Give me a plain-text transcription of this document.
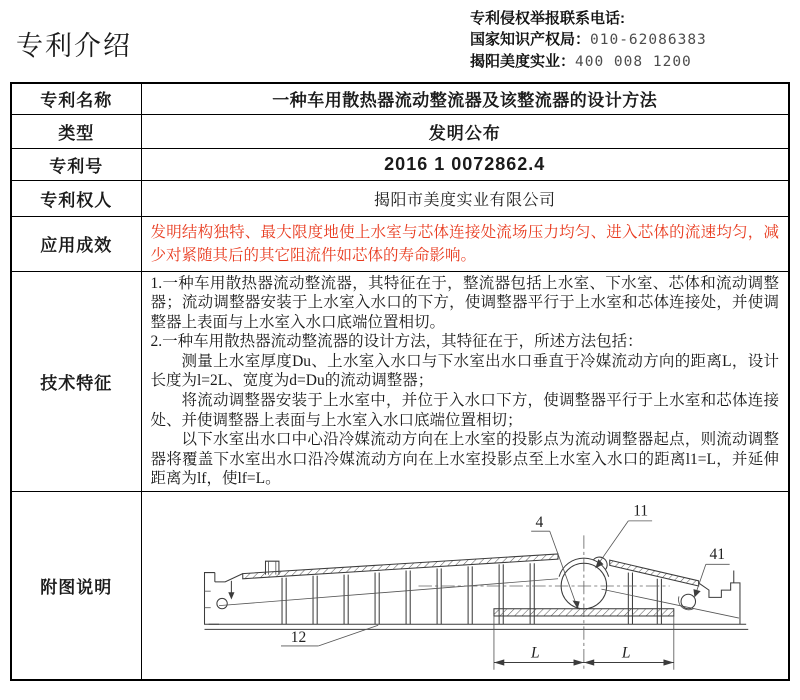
专利介绍
专利侵权举报联系电话:
国家知识产权局：010-62086383
揭阳美度实业：400 008 1200
专利名称	一种车用散热器流动整流器及该整流器的设计方法
类型	发明公布
专利号	2016 1 0072862.4
专利权人	揭阳市美度实业有限公司
应用成效	发明结构独特、最大限度地使上水室与芯体连接处流场压力均匀、进入芯体的流速均匀，减少对紧随其后的其它阻流件如芯体的寿命影响。

技术特征	1.一种车用散热器流动整流器，其特征在于，整流器包括上水室、下水室、芯体和流动调整器；流动调整器安装于上水室入水口的下方，使调整器平行于上水室和芯体连接处，并使调整器上表面与上水室入水口底端位置相切。

2.一种车用散热器流动整流器的设计方法，其特征在于，所述方法包括：

测量上水室厚度Du、上水室入水口与下水室出水口垂直于冷媒流动方向的距离L，设计长度为l=2L、宽度为d=Du的流动调整器；

将流动调整器安装于上水室中，并位于入水口下方，使调整器平行于上水室和芯体连接处、并使调整器上表面与上水室入水口底端位置相切；

以下水室出水口中心沿冷媒流动方向在上水室的投影点为流动调整器起点，则流动调整器将覆盖下水室出水口沿冷媒流动方向在上水室投影点至上水室入水口的距离l1=L，并延伸距离为lf，使lf=L。

附图说明	
4
11
41
12
L	L
